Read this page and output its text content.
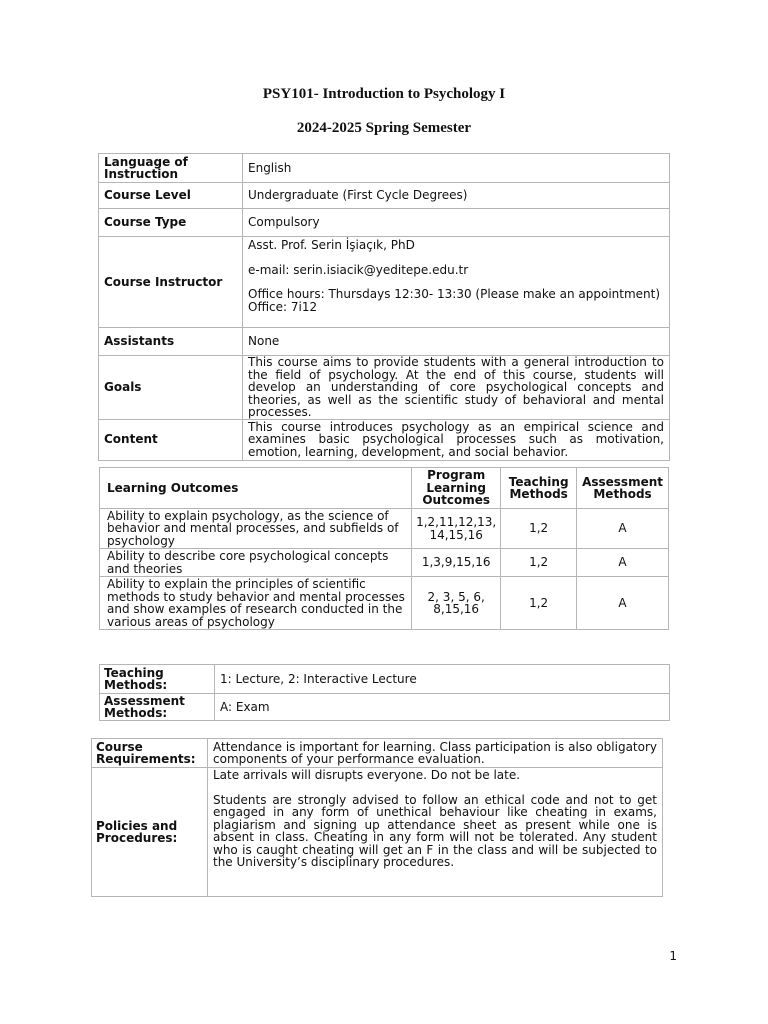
PSY101- Introduction to Psychology I
2024-2025 Spring Semester
Language of Instruction	English
Course Level	Undergraduate (First Cycle Degrees)
Course Type	Compulsory
Course Instructor	Asst. Prof. Serin İşiaçık, PhD

e-mail: serin.isiacik@yeditepe.edu.tr

Office hours: Thursdays 12:30- 13:30 (Please make an appointment)

Office: 7i12

Assistants	None
Goals	This course aims to provide students with a general introduction to the field of psychology. At the end of this course, students will develop an understanding of core psychological concepts and theories, as well as the scientific study of behavioral and mental processes.
Content	This course introduces psychology as an empirical science and examines basic psychological processes such as motivation, emotion, learning, development, and social behavior.
Learning Outcomes	Program Learning Outcomes	Teaching Methods	Assessment Methods
Ability to explain psychology, as the science of behavior and mental processes, and subfields of psychology	1,2,11,12,13, 14,15,16	1,2	A
Ability to describe core psychological concepts and theories	1,3,9,15,16	1,2	A
Ability to explain the principles of scientific methods to study behavior and mental processes and show examples of research conducted in the various areas of psychology	2, 3, 5, 6, 8,15,16	1,2	A
Teaching Methods:	1: Lecture, 2: Interactive Lecture
Assessment Methods:	A: Exam
Course Requirements:	Attendance is important for learning. Class participation is also obligatory components of your performance evaluation.
Policies and Procedures:	Late arrivals will disrupts everyone. Do not be late.

Students are strongly advised to follow an ethical code and not to get engaged in any form of unethical behaviour like cheating in exams, plagiarism and signing up attendance sheet as present while one is absent in class. Cheating in any form will not be tolerated. Any student who is caught cheating will get an F in the class and will be subjected to the University’s disciplinary procedures.

1
